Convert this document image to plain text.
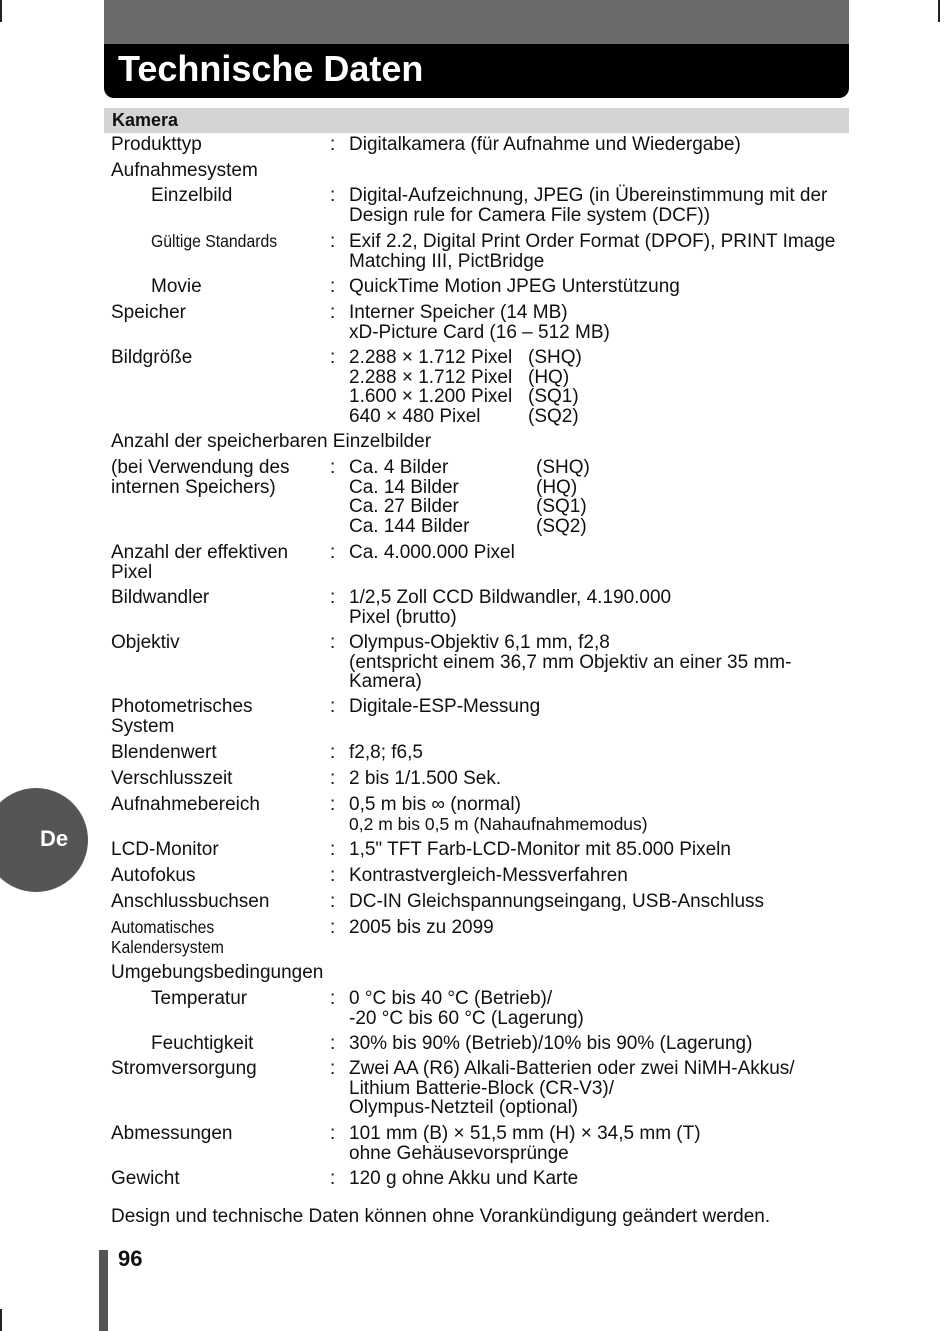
Technische Daten
Kamera
Produkttyp	: Digitalkamera (für Aufnahme und Wiedergabe)
Aufnahmesystem
Einzelbild	: Digital-Aufzeichnung, JPEG (in Übereinstimmung mit der
Design rule for Camera File system (DCF))
Gültige Standards	: Exif 2.2, Digital Print Order Format (DPOF), PRINT Image
Matching III, PictBridge
Movie	: QuickTime Motion JPEG Unterstützung
Speicher	: Interner Speicher (14 MB)
xD-Picture Card (16 – 512 MB)
Bildgröße	: 2.288 × 1.712 Pixel (SHQ)
2.288 × 1.712 Pixel (HQ)
1.600 × 1.200 Pixel (SQ1)
640 × 480 Pixel	(SQ2)
Anzahl der speicherbaren Einzelbilder
(bei Verwendung des internen Speichers)
: Ca. 4 Bilder	(SHQ)
Ca. 14 Bilder	(HQ)
Ca. 27 Bilder	(SQ1)
Ca. 144 Bilder	(SQ2)
Anzahl der effektiven Pixel
: Ca. 4.000.000 Pixel
Bildwandler	: 1/2,5 Zoll CCD Bildwandler, 4.190.000
Pixel (brutto)
Objektiv	: Olympus-Objektiv 6,1 mm, f2,8
(entspricht einem 36,7 mm Objektiv an einer 35 mm-
Kamera)
Photometrisches System
: Digitale-ESP-Messung
Blendenwert	: f2,8; f6,5
Verschlusszeit	: 2 bis 1/1.500 Sek.
Aufnahmebereich	: 0,5 m bis ∞ (normal)
0,2 m bis 0,5 m (Nahaufnahmemodus)
LCD-Monitor	: 1,5" TFT Farb-LCD-Monitor mit 85.000 Pixeln
Autofokus	: Kontrastvergleich-Messverfahren
Anschlussbuchsen	: DC-IN Gleichspannungseingang, USB-Anschluss
Automatisches Kalendersystem
: 2005 bis zu 2099
Umgebungsbedingungen
Temperatur	: 0 °C bis 40 °C (Betrieb)/
-20 °C bis 60 °C (Lagerung)
Feuchtigkeit	: 30% bis 90% (Betrieb)/10% bis 90% (Lagerung)
Stromversorgung	: Zwei AA (R6) Alkali-Batterien oder zwei NiMH-Akkus/
Lithium Batterie-Block (CR-V3)/
Olympus-Netzteil (optional)
Abmessungen	: 101 mm (B) × 51,5 mm (H) × 34,5 mm (T)
ohne Gehäusevorsprünge
Gewicht	: 120 g ohne Akku und Karte
Design und technische Daten können ohne Vorankündigung geändert werden.
De
96
